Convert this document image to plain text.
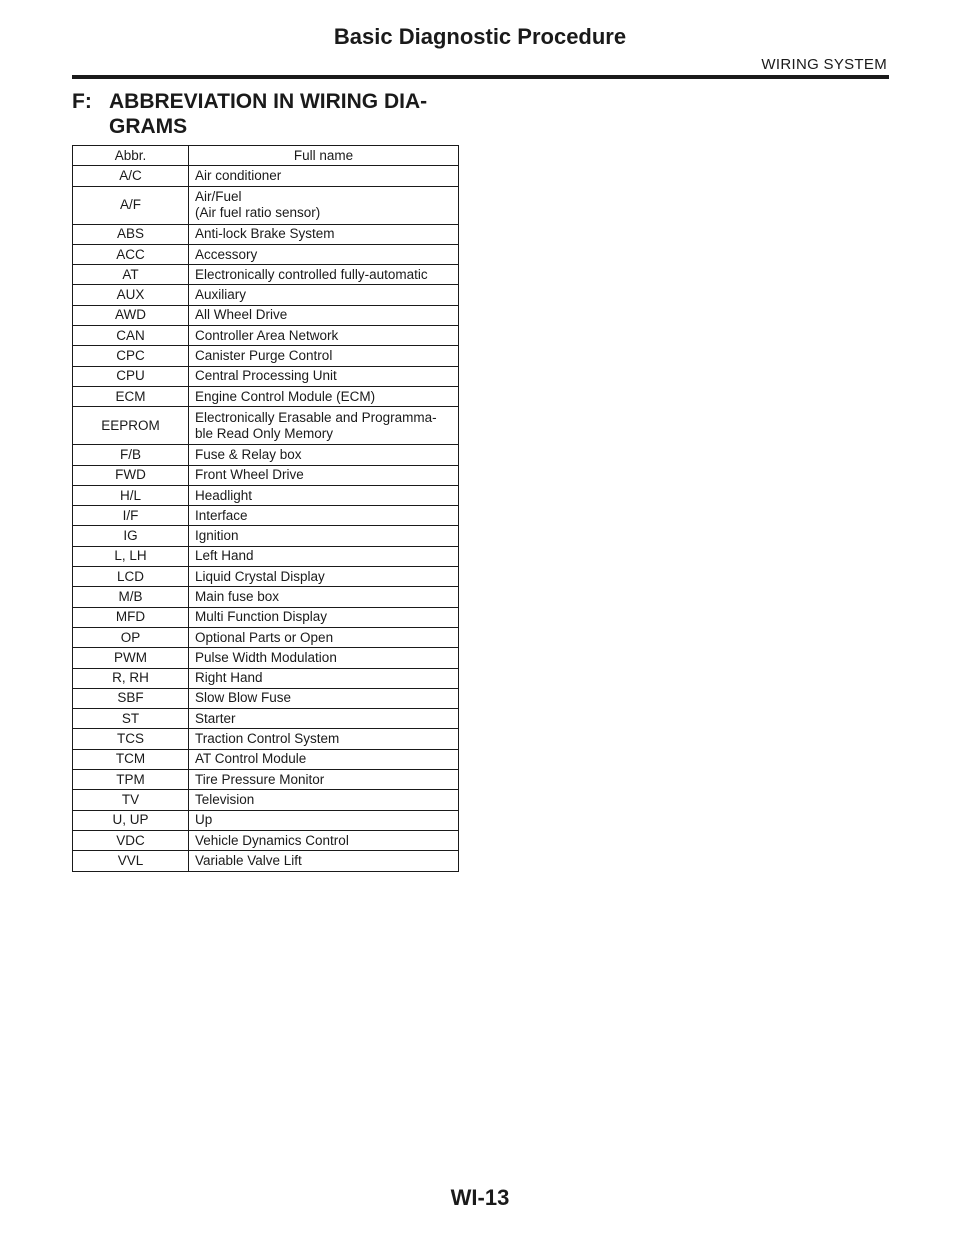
Basic Diagnostic Procedure
WIRING SYSTEM
F: ABBREVIATION IN WIRING DIA-
GRAMS
Abbr.	Full name
A/C	Air conditioner
A/F	Air/Fuel
(Air fuel ratio sensor)
ABS	Anti-lock Brake System
ACC	Accessory
AT	Electronically controlled fully-automatic
AUX	Auxiliary
AWD	All Wheel Drive
CAN	Controller Area Network
CPC	Canister Purge Control
CPU	Central Processing Unit
ECM	Engine Control Module (ECM)
EEPROM	Electronically Erasable and Programma-
ble Read Only Memory
F/B	Fuse & Relay box
FWD	Front Wheel Drive
H/L	Headlight
I/F	Interface
IG	Ignition
L, LH	Left Hand
LCD	Liquid Crystal Display
M/B	Main fuse box
MFD	Multi Function Display
OP	Optional Parts or Open
PWM	Pulse Width Modulation
R, RH	Right Hand
SBF	Slow Blow Fuse
ST	Starter
TCS	Traction Control System
TCM	AT Control Module
TPM	Tire Pressure Monitor
TV	Television
U, UP	Up
VDC	Vehicle Dynamics Control
VVL	Variable Valve Lift
WI-13
